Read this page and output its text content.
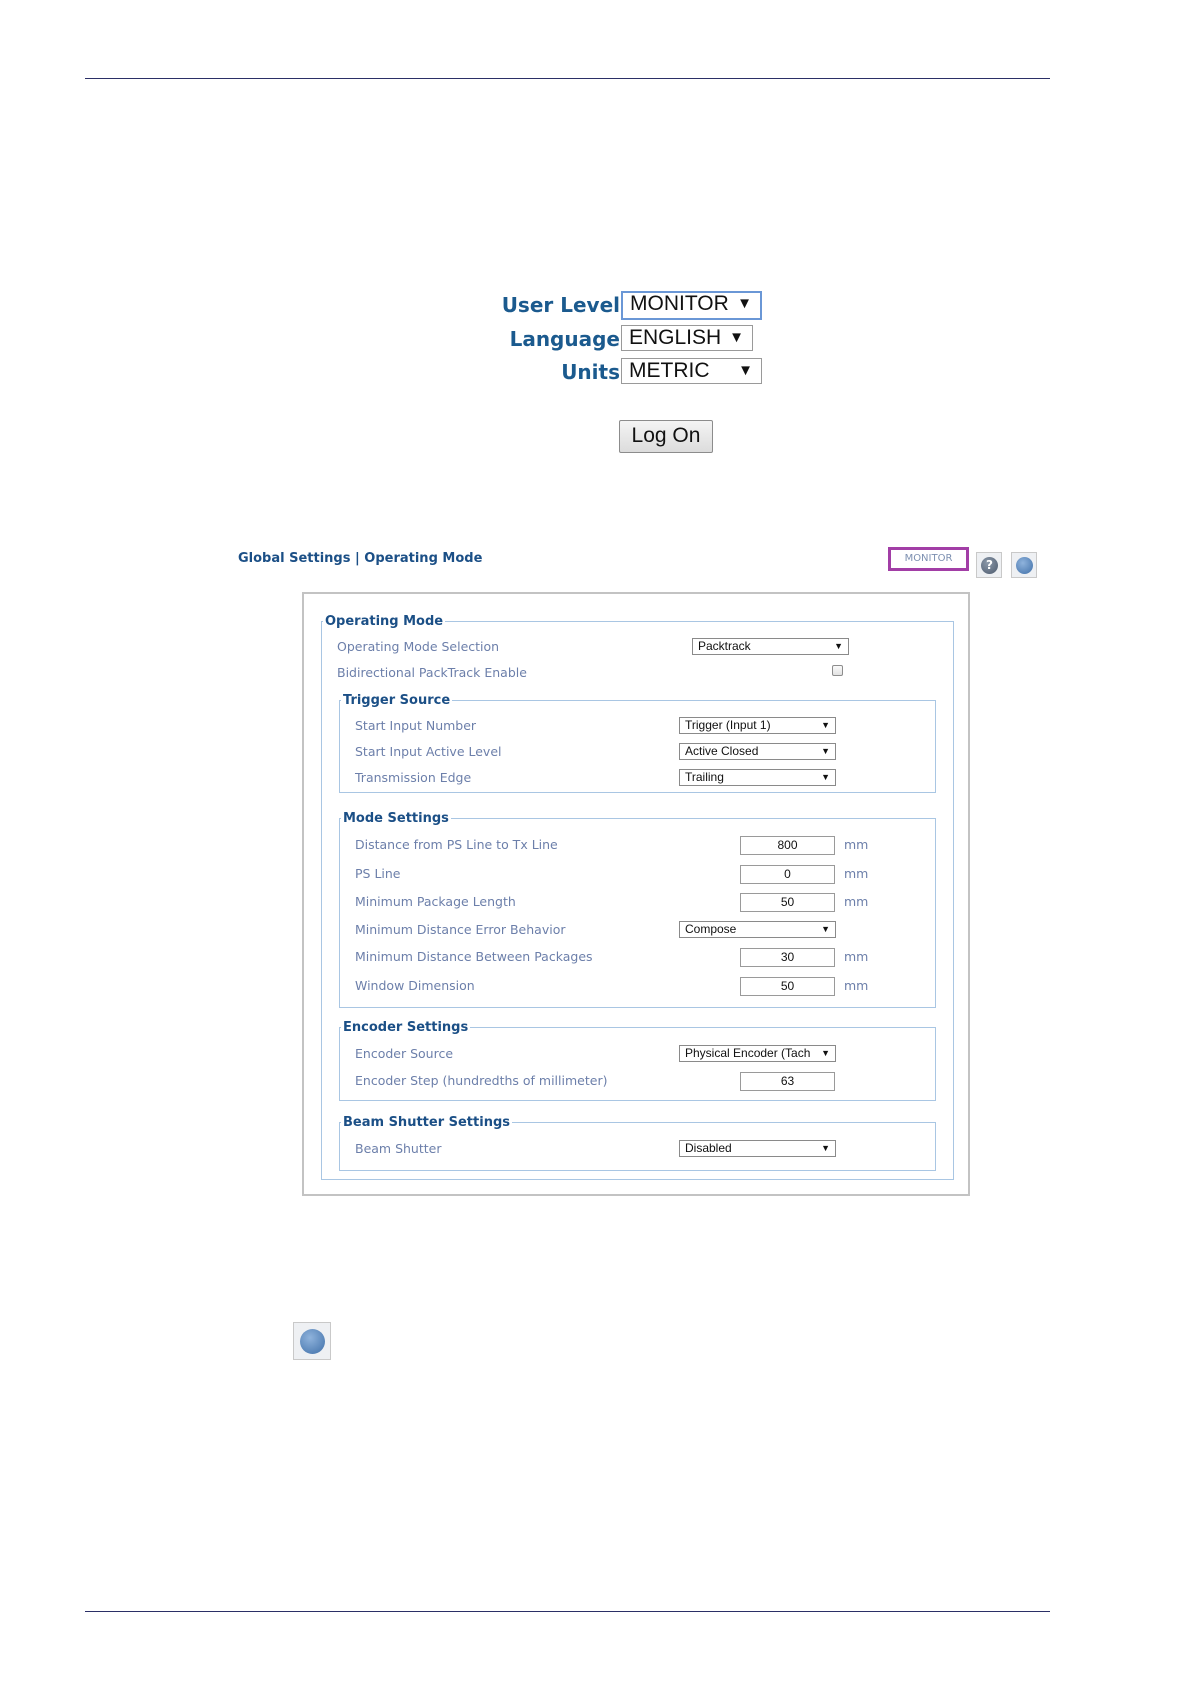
User Level MONITOR ▼
Language ENGLISH ▼
Units METRIC ▼
Log On
Global Settings | Operating Mode	MONITOR	?
Operating Mode
Operating Mode Selection	Packtrack	▼
Bidirectional PackTrack Enable
Trigger Source
Start Input Number	Trigger (Input 1)	▼
Start Input Active Level	Active Closed	▼
Transmission Edge	Trailing	▼
Mode Settings
Distance from PS Line to Tx Line	800	mm
PS Line	0	mm
Minimum Package Length	50	mm
Minimum Distance Error Behavior	Compose	▼
Minimum Distance Between Packages	30	mm
Window Dimension	50	mm
Encoder Settings
Encoder Source	Physical Encoder (Tach ▼
Encoder Step (hundredths of millimeter)	63
Beam Shutter Settings
Beam Shutter	Disabled	▼
